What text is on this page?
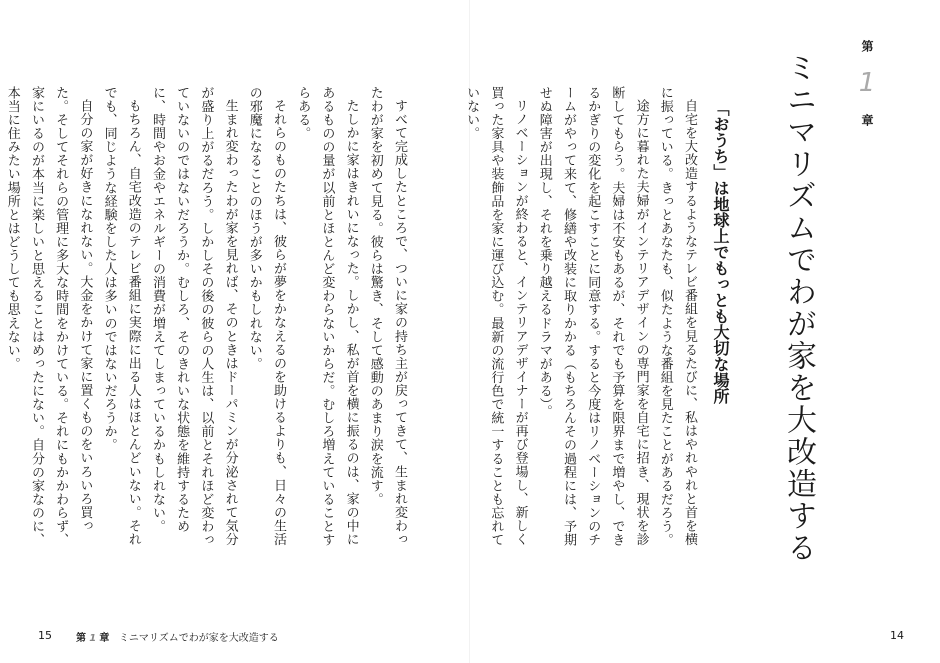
第 1 章
ミニマリズムでわが家を大改造する
「おうち」は地球上でもっとも大切な場所

自宅を大改造するようなテレビ番組を見るたびに、私はやれやれと首を横に振っている。きっとあなたも、似たような番組を見たことがあるだろう。

途方に暮れた夫婦がインテリアデザインの専門家を自宅に招き、現状を診断してもらう。夫婦は不安もあるが、それでも予算を限界まで増やし、できるかぎりの変化を起こすことに同意する。すると今度はリノベーションのチームがやって来て、修繕や改装に取りかかる（もちろんその過程には、予期せぬ障害が出現し、それを乗り越えるドラマがある）。

リノベーションが終わると、インテリアデザイナーが再び登場し、新しく買った家具や装飾品を家に運び込む。最新の流行色で統一することも忘れていない。

14

すべて完成したところで、ついに家の持ち主が戻ってきて、生まれ変わったわが家を初めて見る。彼らは驚き、そして感動のあまり涙を流す。

たしかに家はきれいになった。しかし、私が首を横に振るのは、家の中にあるものの量が以前とほとんど変わらないからだ。むしろ増えていることすらある。

それらのものたちは、彼らが夢をかなえるのを助けるよりも、日々の生活の邪魔になることのほうが多いかもしれない。

生まれ変わったわが家を見れば、そのときはドーパミンが分泌されて気分が盛り上がるだろう。しかしその後の彼らの人生は、以前とそれほど変わっていないのではないだろうか。むしろ、そのきれいな状態を維持するために、時間やお金やエネルギーの消費が増えてしまっているかもしれない。

もちろん、自宅改造のテレビ番組に実際に出る人はほとんどいない。それでも、同じような経験をした人は多いのではないだろうか。

自分の家が好きになれない。大金をかけて家に置くものをいろいろ買った。そしてそれらの管理に多大な時間をかけている。それにもかかわらず、家にいるのが本当に楽しいと思えることはめったにない。自分の家なのに、本当に住みたい場所とはどうしても思えない。

15 第 1 章 ミニマリズムでわが家を大改造する
